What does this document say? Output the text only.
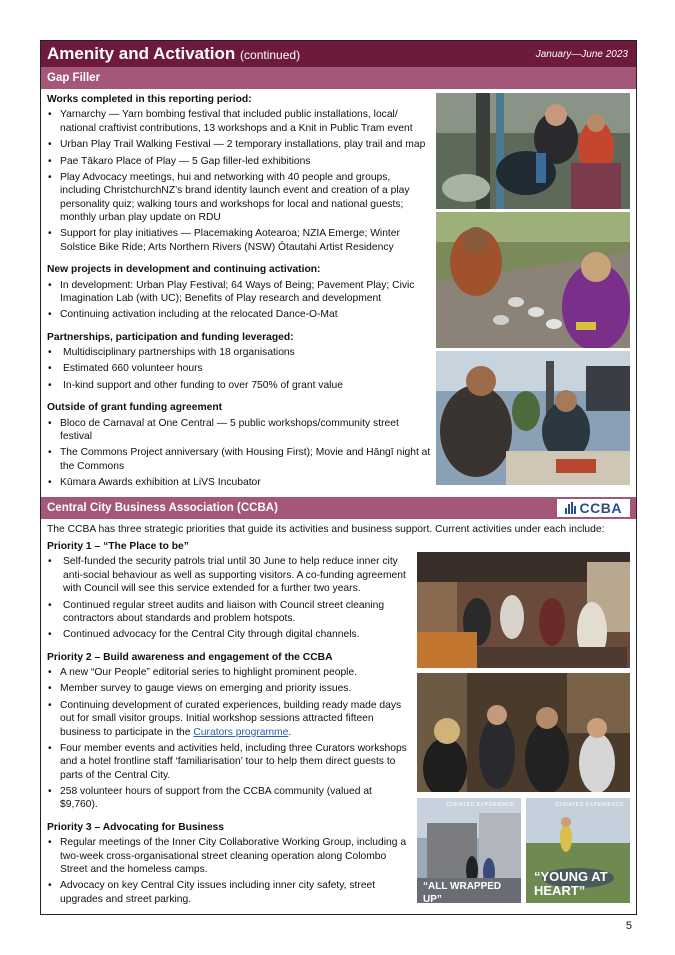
Amenity and Activation (continued)	January—June 2023
Gap Filler
Works completed in this reporting period:
• Yarnarchy — Yarn bombing festival that included public installations, local/ national craftivist contributions, 13 workshops and a Knit in Public Tram event
• Urban Play Trail Walking Festival — 2 temporary installations, play trail and map
• Pae Tākaro Place of Play — 5 Gap filler-led exhibitions
• Play Advocacy meetings, hui and networking with 40 people and groups, including ChristchurchNZ’s brand identity launch event and creation of a play personality quiz; walking tours and workshops for local and national guests; monthly urban play update on RDU
• Support for play initiatives — Placemaking Aotearoa; NZIA Emerge; Winter Solstice Bike Ride; Arts Northern Rivers (NSW) Ōtautahi Artist Residency
New projects in development and continuing activation:
• In development: Urban Play Festival; 64 Ways of Being; Pavement Play; Civic Imagination Lab (with UC); Benefits of Play research and development
• Continuing activation including at the relocated Dance-O-Mat
Partnerships, participation and funding leveraged:
• Multidisciplinary partnerships with 18 organisations
• Estimated 660 volunteer hours
• In-kind support and other funding to over 750% of grant value
Outside of grant funding agreement
• Bloco de Carnaval at One Central — 5 public workshops/community street festival
• The Commons Project anniversary (with Housing First); Movie and Hāngī night at the Commons
• Kūmara Awards exhibition at LiVS Incubator
Central City Business Association (CCBA)	CCBA
The CCBA has three strategic priorities that guide its activities and business support. Current activities under each include:
Priority 1 – “The Place to be”
• Self-funded the security patrols trial until 30 June to help reduce inner city anti-social behaviour as well as supporting visitors. A co-funding agreement with Council will see this service extended for a further two years.
• Continued regular street audits and liaison with Council street cleaning contractors about standards and problem hotspots.
• Continued advocacy for the Central City through digital channels.
Priority 2 – Build awareness and engagement of the CCBA
• A new “Our People” editorial series to highlight prominent people.
• Member survey to gauge views on emerging and priority issues.
• Continuing development of curated experiences, building ready made days out for small visitor groups. Initial workshop sessions attracted fifteen business to participate in the Curators programme.
• Four member events and activities held, including three Curators workshops and a hotel frontline staff ‘familiarisation’ tour to help them direct guests to parts of the Central City.
• 258 volunteer hours of support from the CCBA community (valued at $9,760).
Priority 3 – Advocating for Business
• Regular meetings of the Inner City Collaborative Working Group, including a two-week cross-organisational street cleaning operation along Colombo Street and the homeless camps.
• Advocacy on key Central City issues including inner city safety, street upgrades and street parking.
CURATED EXPERIENCE
“ALL WRAPPED UP”
CURATED EXPERIENCE
“YOUNG AT
HEART”
5
